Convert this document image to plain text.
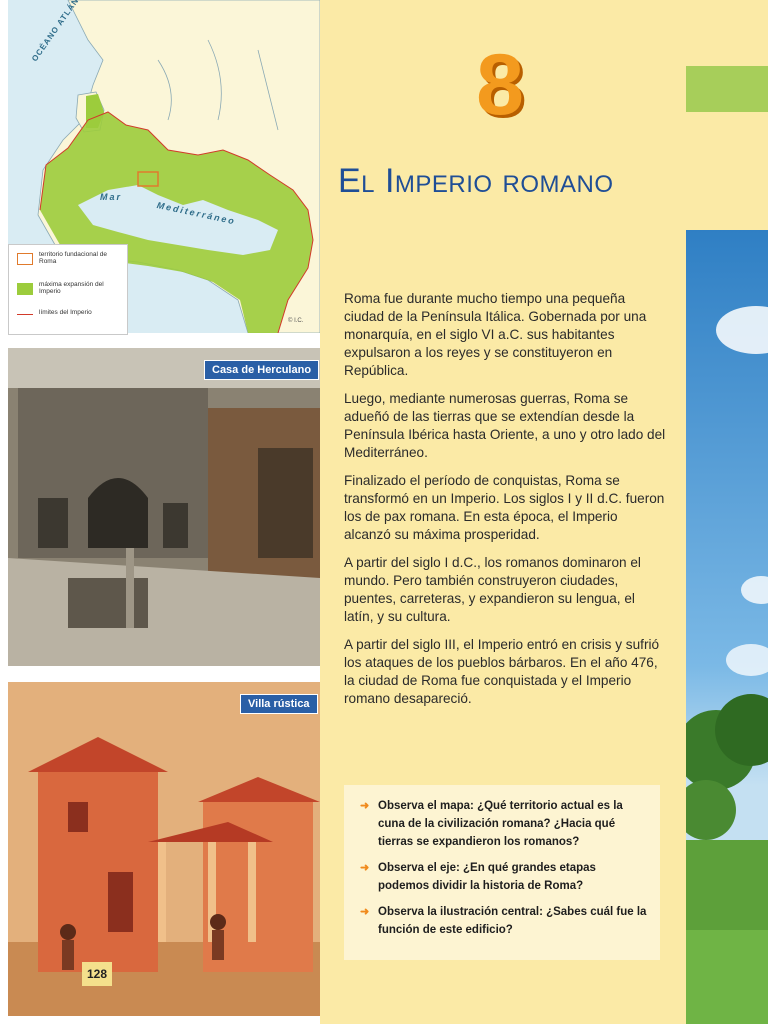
Mar
Mediterráneo
© I.C.
territorio fundacional de Roma
máxima expansión del Imperio
límites del Imperio
Casa de Herculano
Villa rústica
128
8
El Imperio romano

Roma fue durante mucho tiempo una pequeña ciudad de la Península Itálica. Gobernada por una monarquía, en el siglo VI a.C. sus habitantes expulsaron a los reyes y se constituyeron en República.

Luego, mediante numerosas guerras, Roma se adueñó de las tierras que se extendían desde la Península Ibérica hasta Oriente, a uno y otro lado del Mediterráneo.

Finalizado el período de conquistas, Roma se transformó en un Imperio. Los siglos I y II d.C. fueron los de pax romana. En esta época, el Imperio alcanzó su máxima prosperidad.

A partir del siglo I d.C., los romanos dominaron el mundo. Pero también construyeron ciudades, puentes, carreteras, y expandieron su lengua, el latín, y su cultura.

A partir del siglo III, el Imperio entró en crisis y sufrió los ataques de los pueblos bárbaros. En el año 476, la ciudad de Roma fue conquistada y el Imperio romano desapareció.

➜ Observa el mapa: ¿Qué territorio actual es la cuna de la civilización romana? ¿Hacia qué tierras se expandieron los romanos?
➜ Observa el eje: ¿En qué grandes etapas podemos dividir la historia de Roma?
➜ Observa la ilustración central: ¿Sabes cuál fue la función de este edificio?
